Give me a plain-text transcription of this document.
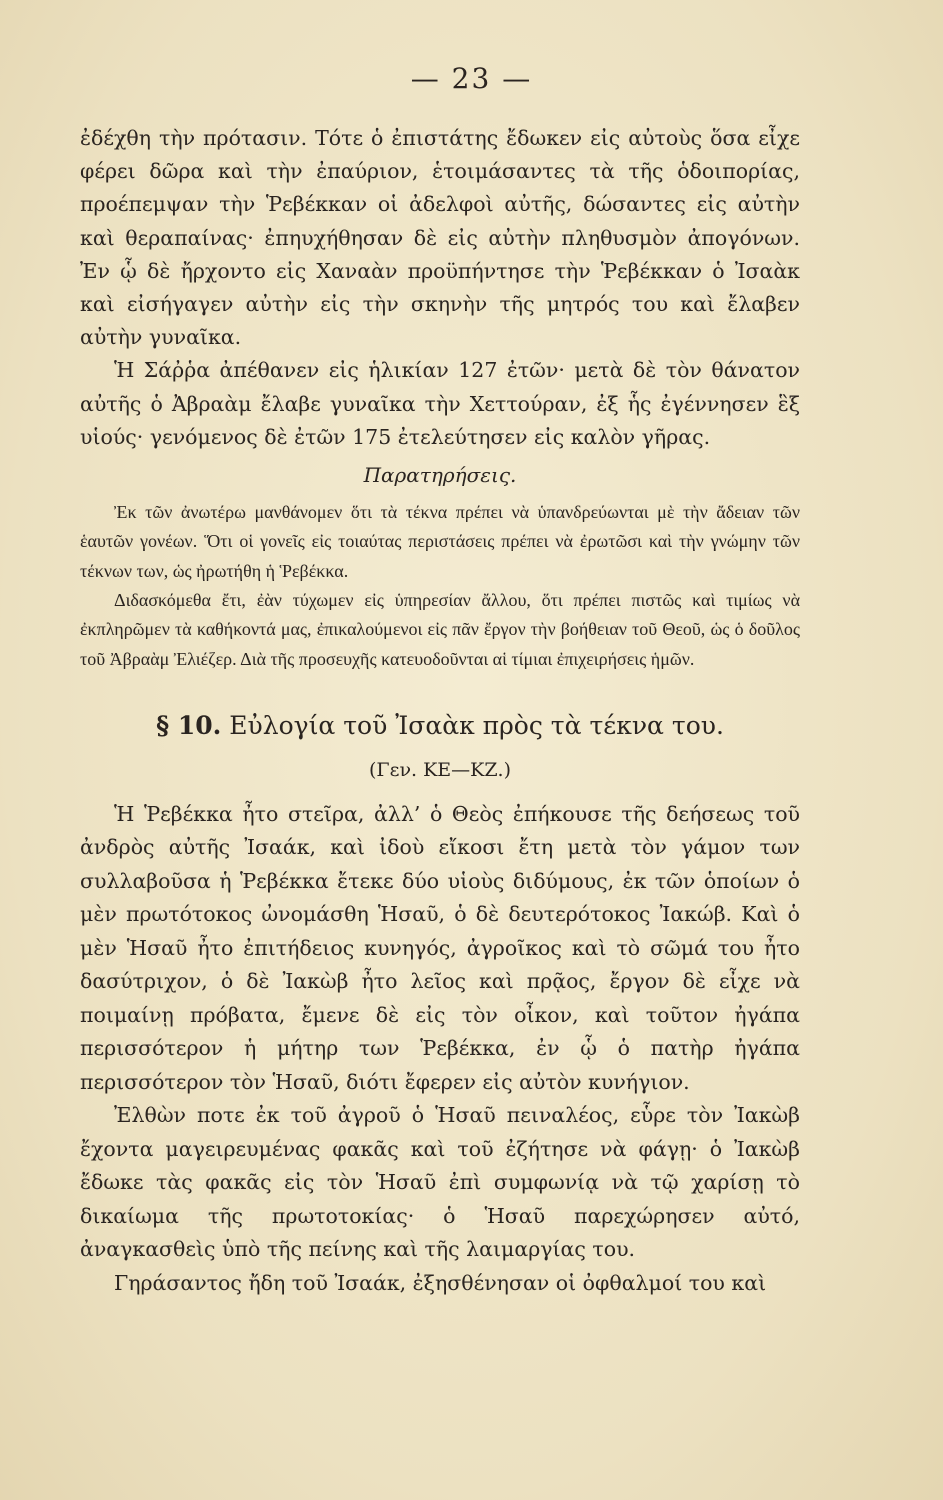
— 23 —

ἐδέχθη τὴν πρότασιν. Τότε ὁ ἐπιστάτης ἔδωκεν εἰς αὐτοὺς ὅσα εἶχε φέρει δῶρα καὶ τὴν ἐπαύριον, ἑτοιμάσαντες τὰ τῆς ὁδοιπορίας, προέπεμψαν τὴν Ῥεβέκκαν οἱ ἀδελφοὶ αὐτῆς, δώσαντες εἰς αὐτὴν καὶ θεραπαίνας· ἐπηυχήθησαν δὲ εἰς αὐτὴν πληθυσμὸν ἀπογόνων. Ἐν ᾧ δὲ ἤρχοντο εἰς Χαναὰν προϋπήντησε τὴν Ῥεβέκκαν ὁ Ἰσαὰκ καὶ εἰσήγαγεν αὐτὴν εἰς τὴν σκηνὴν τῆς μητρός του καὶ ἔλαβεν αὐτὴν γυναῖκα.

Ἡ Σάῤῥα ἀπέθανεν εἰς ἡλικίαν 127 ἐτῶν· μετὰ δὲ τὸν θάνατον αὐτῆς ὁ Ἀβραὰμ ἔλαβε γυναῖκα τὴν Χεττούραν, ἐξ ἧς ἐγέννησεν ἓξ υἱούς· γενόμενος δὲ ἐτῶν 175 ἐτελεύτησεν εἰς καλὸν γῆρας.

Παρατηρήσεις.

Ἐκ τῶν ἀνωτέρω μανθάνομεν ὅτι τὰ τέκνα πρέπει νὰ ὑπανδρεύωνται μὲ τὴν ἄδειαν τῶν ἑαυτῶν γονέων. Ὅτι οἱ γονεῖς εἰς τοιαύτας περιστάσεις πρέπει νὰ ἐρωτῶσι καὶ τὴν γνώμην τῶν τέκνων των, ὡς ἠρωτήθη ἡ Ῥεβέκκα.

Διδασκόμεθα ἔτι, ἐὰν τύχωμεν εἰς ὑπηρεσίαν ἄλλου, ὅτι πρέπει πιστῶς καὶ τιμίως νὰ ἐκπληρῶμεν τὰ καθήκοντά μας, ἐπικαλούμενοι εἰς πᾶν ἔργον τὴν βοήθειαν τοῦ Θεοῦ, ὡς ὁ δοῦλος τοῦ Ἀβραὰμ Ἐλιέζερ. Διὰ τῆς προσευχῆς κατευοδοῦνται αἱ τίμιαι ἐπιχειρήσεις ἡμῶν.

§ 10. Εὐλογία τοῦ Ἰσαὰκ πρὸς τὰ τέκνα του.
(Γεν. ΚΕ—ΚΖ.)

Ἡ Ῥεβέκκα ἦτο στεῖρα, ἀλλ’ ὁ Θεὸς ἐπήκουσε τῆς δεήσεως τοῦ ἀνδρὸς αὐτῆς Ἰσαάκ, καὶ ἰδοὺ εἴκοσι ἔτη μετὰ τὸν γάμον των συλλαβοῦσα ἡ Ῥεβέκκα ἔτεκε δύο υἱοὺς διδύμους, ἐκ τῶν ὁποίων ὁ μὲν πρωτότοκος ὠνομάσθη Ἡσαῦ, ὁ δὲ δευτερότοκος Ἰακώβ. Καὶ ὁ μὲν Ἡσαῦ ἦτο ἐπιτήδειος κυνηγός, ἀγροῖκος καὶ τὸ σῶμά του ἦτο δασύτριχον, ὁ δὲ Ἰακὼβ ἦτο λεῖος καὶ πρᾷος, ἔργον δὲ εἶχε νὰ ποιμαίνῃ πρόβατα, ἔμενε δὲ εἰς τὸν οἶκον, καὶ τοῦτον ἠγάπα περισσότερον ἡ μήτηρ των Ῥεβέκκα, ἐν ᾧ ὁ πατὴρ ἠγάπα περισσότερον τὸν Ἡσαῦ, διότι ἔφερεν εἰς αὐτὸν κυνήγιον.

Ἐλθὼν ποτε ἐκ τοῦ ἀγροῦ ὁ Ἡσαῦ πειναλέος, εὗρε τὸν Ἰακὼβ ἔχοντα μαγειρευμένας φακᾶς καὶ τοῦ ἐζήτησε νὰ φάγῃ· ὁ Ἰακὼβ ἔδωκε τὰς φακᾶς εἰς τὸν Ἡσαῦ ἐπὶ συμφωνίᾳ νὰ τῷ χαρίσῃ τὸ δικαίωμα τῆς πρωτοτοκίας· ὁ Ἡσαῦ παρεχώρησεν αὐτό, ἀναγκασθεὶς ὑπὸ τῆς πείνης καὶ τῆς λαιμαργίας του.

Γηράσαντος ἤδη τοῦ Ἰσαάκ, ἐξησθένησαν οἱ ὀφθαλμοί του καὶ
